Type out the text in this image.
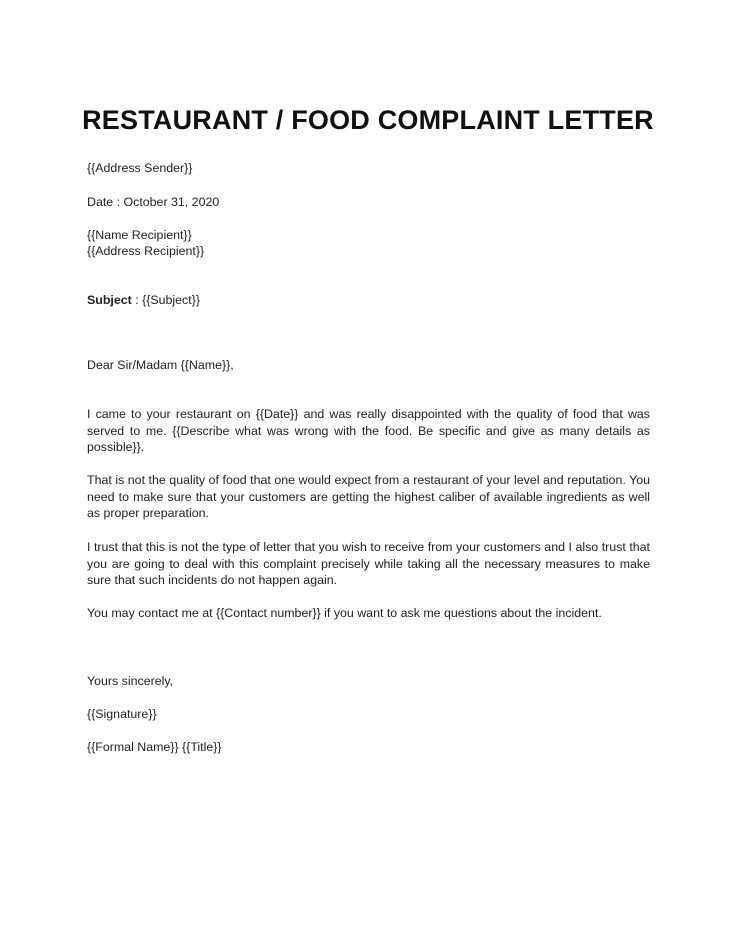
RESTAURANT / FOOD COMPLAINT LETTER
{{Address Sender}}
Date : October 31, 2020
{{Name Recipient}}
{{Address Recipient}}
Subject : {{Subject}}
Dear Sir/Madam {{Name}},
I came to your restaurant on {{Date}} and was really disappointed with the quality of food that was served to me. {{Describe what was wrong with the food. Be specific and give as many details as possible}}.
That is not the quality of food that one would expect from a restaurant of your level and reputation. You need to make sure that your customers are getting the highest caliber of available ingredients as well as proper preparation.
I trust that this is not the type of letter that you wish to receive from your customers and I also trust that you are going to deal with this complaint precisely while taking all the necessary measures to make sure that such incidents do not happen again.
You may contact me at {{Contact number}} if you want to ask me questions about the incident.
Yours sincerely,
{{Signature}}
{{Formal Name}} {{Title}}
